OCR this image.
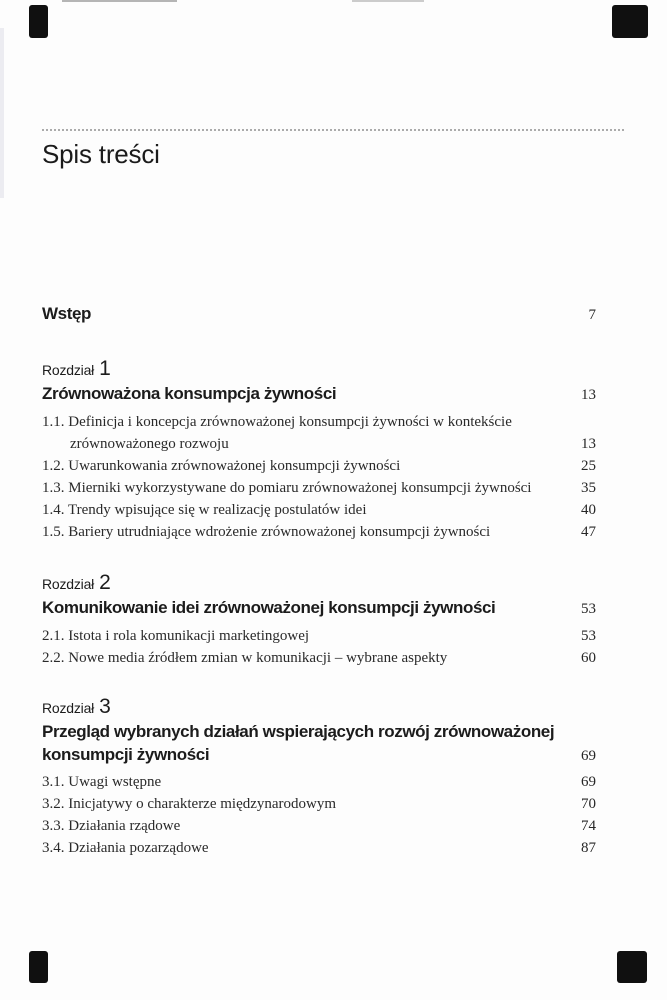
Spis treści
Wstęp	7
Rozdział 1
Zrównoważona konsumpcja żywności	13
1.1. Definicja i koncepcja zrównoważonej konsumpcji żywności w kontekście
zrównoważonego rozwoju	13
1.2. Uwarunkowania zrównoważonej konsumpcji żywności	25
1.3. Mierniki wykorzystywane do pomiaru zrównoważonej konsumpcji żywności	35
1.4. Trendy wpisujące się w realizację postulatów idei	40
1.5. Bariery utrudniające wdrożenie zrównoważonej konsumpcji żywności	47
Rozdział 2
Komunikowanie idei zrównoważonej konsumpcji żywności	53
2.1. Istota i rola komunikacji marketingowej	53
2.2. Nowe media źródłem zmian w komunikacji – wybrane aspekty	60
Rozdział 3
Przegląd wybranych działań wspierających rozwój zrównoważonej
konsumpcji żywności	69
3.1. Uwagi wstępne	69
3.2. Inicjatywy o charakterze międzynarodowym	70
3.3. Działania rządowe	74
3.4. Działania pozarządowe	87
